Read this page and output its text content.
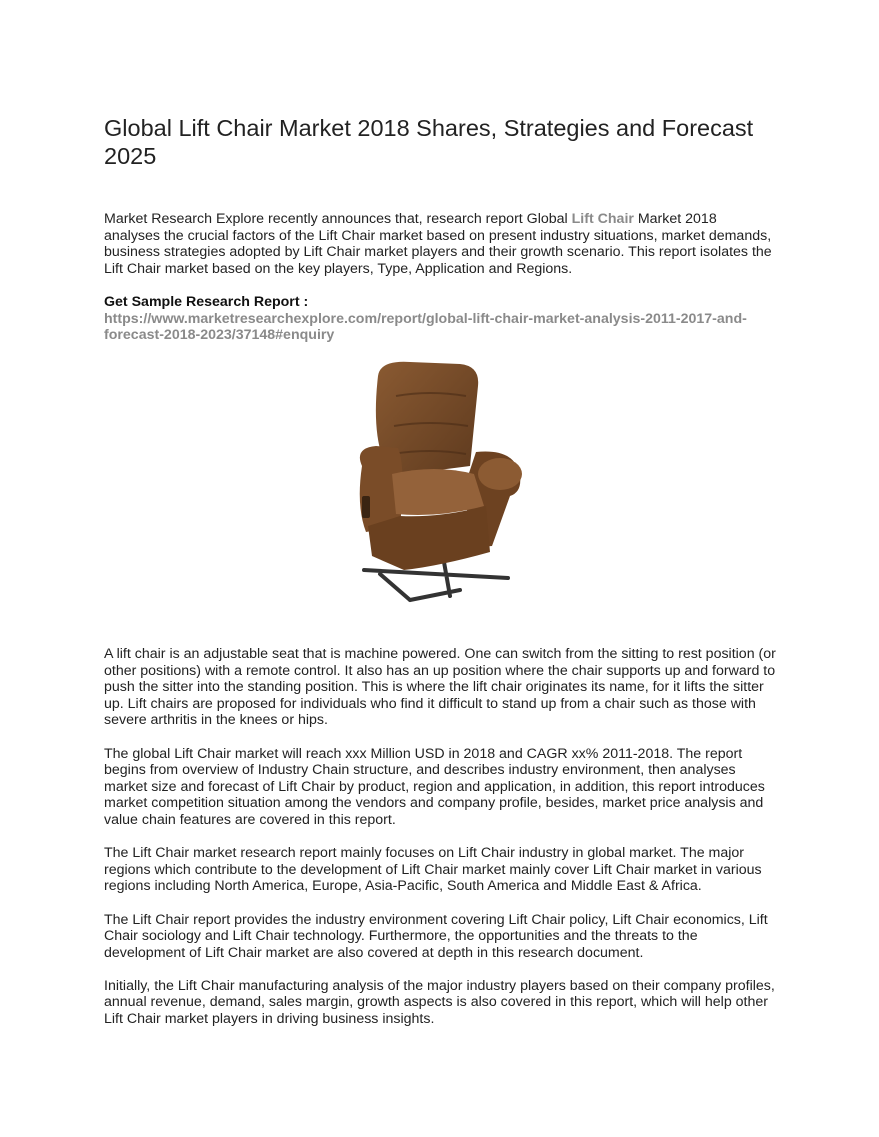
Global Lift Chair Market 2018 Shares, Strategies and Forecast 2025

Market Research Explore recently announces that, research report Global Lift Chair Market 2018 analyses the crucial factors of the Lift Chair market based on present industry situations, market demands, business strategies adopted by Lift Chair market players and their growth scenario. This report isolates the Lift Chair market based on the key players, Type, Application and Regions.

Get Sample Research Report :
https://www.marketresearchexplore.com/report/global-lift-chair-market-analysis-2011-2017-and-forecast-2018-2023/37148#enquiry

A lift chair is an adjustable seat that is machine powered. One can switch from the sitting to rest position (or other positions) with a remote control. It also has an up position where the chair supports up and forward to push the sitter into the standing position. This is where the lift chair originates its name, for it lifts the sitter up. Lift chairs are proposed for individuals who find it difficult to stand up from a chair such as those with severe arthritis in the knees or hips.

The global Lift Chair market will reach xxx Million USD in 2018 and CAGR xx% 2011-2018. The report begins from overview of Industry Chain structure, and describes industry environment, then analyses market size and forecast of Lift Chair by product, region and application, in addition, this report introduces market competition situation among the vendors and company profile, besides, market price analysis and value chain features are covered in this report.

The Lift Chair market research report mainly focuses on Lift Chair industry in global market. The major regions which contribute to the development of Lift Chair market mainly cover Lift Chair market in various regions including North America, Europe, Asia-Pacific, South America and Middle East & Africa.

The Lift Chair report provides the industry environment covering Lift Chair policy, Lift Chair economics, Lift Chair sociology and Lift Chair technology. Furthermore, the opportunities and the threats to the development of Lift Chair market are also covered at depth in this research document.

Initially, the Lift Chair manufacturing analysis of the major industry players based on their company profiles, annual revenue, demand, sales margin, growth aspects is also covered in this report, which will help other Lift Chair market players in driving business insights.
